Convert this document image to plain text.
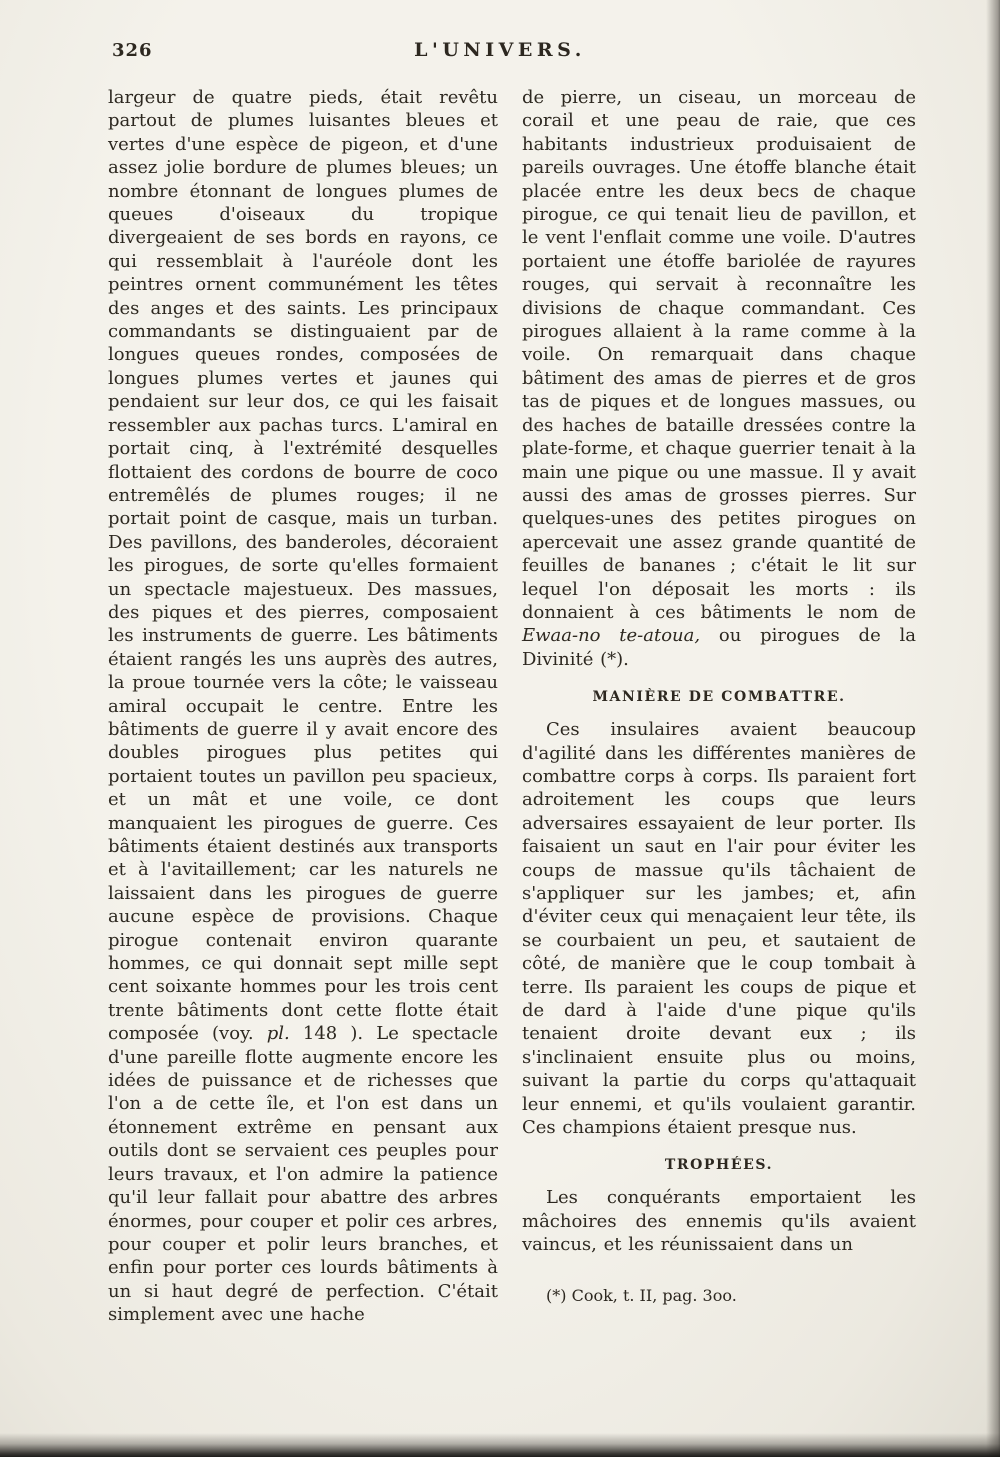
326	L'UNIVERS.

largeur de quatre pieds, était revêtu partout de plumes luisantes bleues et vertes d'une espèce de pigeon, et d'une assez jolie bordure de plumes bleues; un nombre étonnant de longues plumes de queues d'oiseaux du tropique divergeaient de ses bords en rayons, ce qui ressemblait à l'auréole dont les peintres ornent communément les têtes des anges et des saints. Les principaux commandants se distinguaient par de longues queues rondes, composées de longues plumes vertes et jaunes qui pendaient sur leur dos, ce qui les faisait ressembler aux pachas turcs. L'amiral en portait cinq, à l'extrémité desquelles flottaient des cordons de bourre de coco entremêlés de plumes rouges; il ne portait point de casque, mais un turban. Des pavillons, des banderoles, décoraient les pirogues, de sorte qu'elles formaient un spectacle majestueux. Des massues, des piques et des pierres, composaient les instruments de guerre. Les bâtiments étaient rangés les uns auprès des autres, la proue tournée vers la côte; le vaisseau amiral occupait le centre. Entre les bâtiments de guerre il y avait encore des doubles pirogues plus petites qui portaient toutes un pavillon peu spacieux, et un mât et une voile, ce dont manquaient les pirogues de guerre. Ces bâtiments étaient destinés aux transports et à l'avitaillement; car les naturels ne laissaient dans les pirogues de guerre aucune espèce de provisions. Chaque pirogue contenait environ quarante hommes, ce qui donnait sept mille sept cent soixante hommes pour les trois cent trente bâtiments dont cette flotte était composée (voy. pl. 148 ). Le spectacle d'une pareille flotte augmente encore les idées de puissance et de richesses que l'on a de cette île, et l'on est dans un étonnement extrême en pensant aux outils dont se servaient ces peuples pour leurs travaux, et l'on admire la patience qu'il leur fallait pour abattre des arbres énormes, pour couper et polir ces arbres, pour couper et polir leurs branches, et enfin pour porter ces lourds bâtiments à un si haut degré de perfection. C'était simplement avec une hache

de pierre, un ciseau, un morceau de corail et une peau de raie, que ces habitants industrieux produisaient de pareils ouvrages. Une étoffe blanche était placée entre les deux becs de chaque pirogue, ce qui tenait lieu de pavillon, et le vent l'enflait comme une voile. D'autres portaient une étoffe bariolée de rayures rouges, qui servait à reconnaître les divisions de chaque commandant. Ces pirogues allaient à la rame comme à la voile. On remarquait dans chaque bâtiment des amas de pierres et de gros tas de piques et de longues massues, ou des haches de bataille dressées contre la plate-forme, et chaque guerrier tenait à la main une pique ou une massue. Il y avait aussi des amas de grosses pierres. Sur quelques-unes des petites pirogues on apercevait une assez grande quantité de feuilles de bananes ; c'était le lit sur lequel l'on déposait les morts : ils donnaient à ces bâtiments le nom de Ewaa-no te-atoua, ou pirogues de la Divinité (*).

MANIÈRE DE COMBATTRE.

Ces insulaires avaient beaucoup d'agilité dans les différentes manières de combattre corps à corps. Ils paraient fort adroitement les coups que leurs adversaires essayaient de leur porter. Ils faisaient un saut en l'air pour éviter les coups de massue qu'ils tâchaient de s'appliquer sur les jambes; et, afin d'éviter ceux qui menaçaient leur tête, ils se courbaient un peu, et sautaient de côté, de manière que le coup tombait à terre. Ils paraient les coups de pique et de dard à l'aide d'une pique qu'ils tenaient droite devant eux ; ils s'inclinaient ensuite plus ou moins, suivant la partie du corps qu'attaquait leur ennemi, et qu'ils voulaient garantir. Ces champions étaient presque nus.

TROPHÉES.

Les conquérants emportaient les mâchoires des ennemis qu'ils avaient vaincus, et les réunissaient dans un

(*) Cook, t. II, pag. 3oo.
